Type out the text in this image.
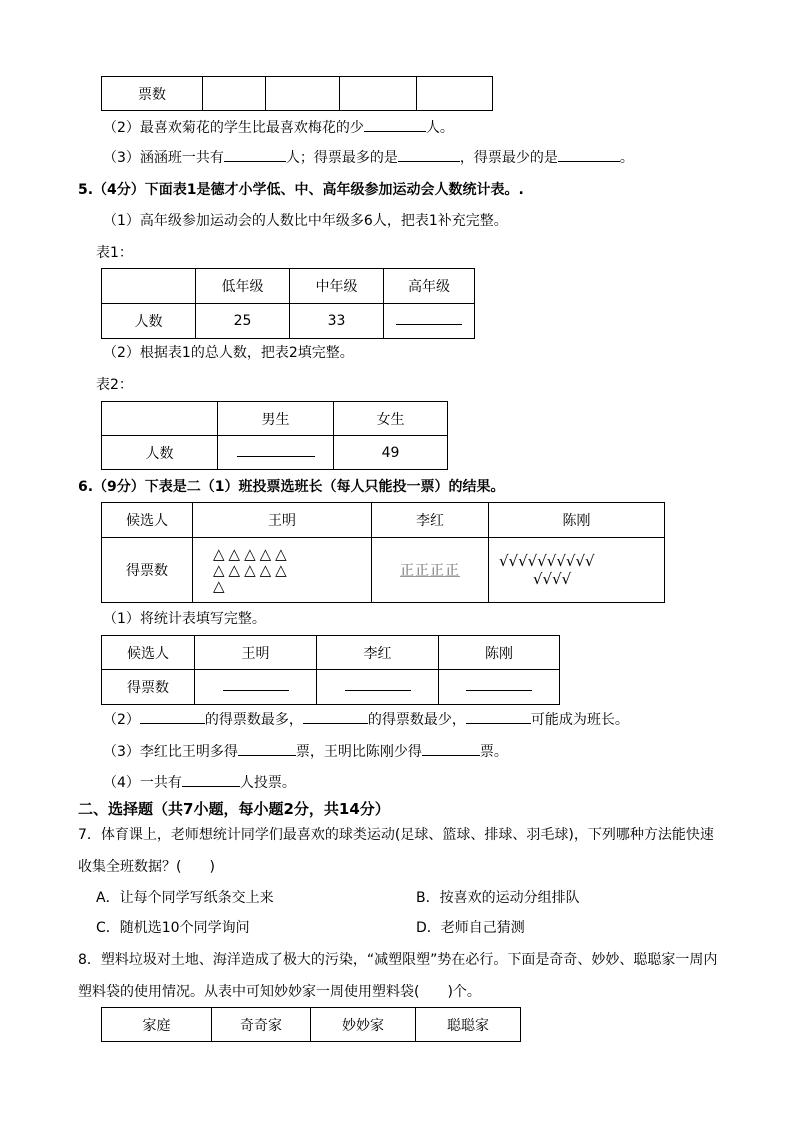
票数				
（2）最喜欢菊花的学生比最喜欢梅花的少	人。
（3）涵涵班一共有	人；得票最多的是	，得票最少的是	。
5.（4分）下面表1是德才小学低、中、高年级参加运动会人数统计表。.
（1）高年级参加运动会的人数比中年级多6人，把表1补充完整。
表1：
	低年级	中年级	高年级
人数	25	33	
（2）根据表1的总人数，把表2填完整。
表2：
	男生	女生
人数		49
6.（9分）下表是二（1）班投票选班长（每人只能投一票）的结果。
候选人	王明	李红	陈刚
得票数	△△△△△
△△△△△
△	正正正正	√√√√√√√√√√
√√√√
（1）将统计表填写完整。
候选人	王明	李红	陈刚
得票数			
（2）	的得票数最多，	的得票数最少，	可能成为班长。
（3）李红比王明多得	票，王明比陈刚少得	票。
（4）一共有	人投票。
二、选择题（共7小题，每小题2分，共14分）
7．体育课上，老师想统计同学们最喜欢的球类运动(足球、篮球、排球、羽毛球)，下列哪种方法能快速
收集全班数据？(　　)
A．让每个同学写纸条交上来	B．按喜欢的运动分组排队
C．随机选10个同学询问	D．老师自己猜测
8．塑料垃圾对土地、海洋造成了极大的污染，“减塑限塑”势在必行。下面是奇奇、妙妙、聪聪家一周内
塑料袋的使用情况。从表中可知妙妙家一周使用塑料袋(　　)个。
家庭	奇奇家	妙妙家	聪聪家
